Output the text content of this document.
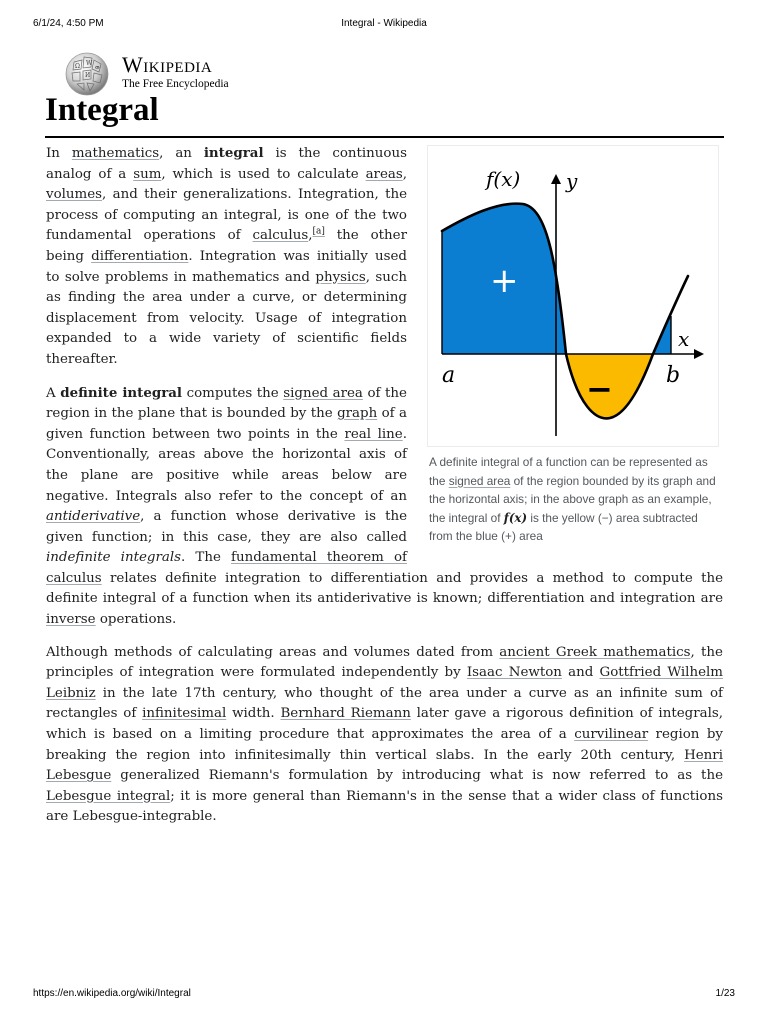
6/1/24, 4:50 PM	Integral - Wikipedia
Ω W
И
ው Wikipedia
The Free Encyclopedia
Integral
f(x) y
x
a	b
+
−
A definite integral of a function can be represented as the signed area of the region bounded by its graph and the horizontal axis; in the above graph as an example, the integral of f(x) is the yellow (−) area subtracted from the blue (+) area

In mathematics, an integral is the continuous analog of a sum, which is used to calculate areas, volumes, and their generalizations. Integration, the process of computing an integral, is one of the two fundamental operations of calculus,[a] the other being differentiation. Integration was initially used to solve problems in mathematics and physics, such as finding the area under a curve, or determining displacement from velocity. Usage of integration expanded to a wide variety of scientific fields thereafter.

A definite integral computes the signed area of the region in the plane that is bounded by the graph of a given function between two points in the real line. Conventionally, areas above the horizontal axis of the plane are positive while areas below are negative. Integrals also refer to the concept of an antiderivative, a function whose derivative is the given function; in this case, they are also called indefinite integrals. The fundamental theorem of calculus relates definite integration to differentiation and provides a method to compute the definite integral of a function when its antiderivative is known; differentiation and integration are inverse operations.

Although methods of calculating areas and volumes dated from ancient Greek mathematics, the principles of integration were formulated independently by Isaac Newton and Gottfried Wilhelm Leibniz in the late 17th century, who thought of the area under a curve as an infinite sum of rectangles of infinitesimal width. Bernhard Riemann later gave a rigorous definition of integrals, which is based on a limiting procedure that approximates the area of a curvilinear region by breaking the region into infinitesimally thin vertical slabs. In the early 20th century, Henri Lebesgue generalized Riemann's formulation by introducing what is now referred to as the Lebesgue integral; it is more general than Riemann's in the sense that a wider class of functions are Lebesgue-integrable.

https://en.wikipedia.org/wiki/Integral	1/23
